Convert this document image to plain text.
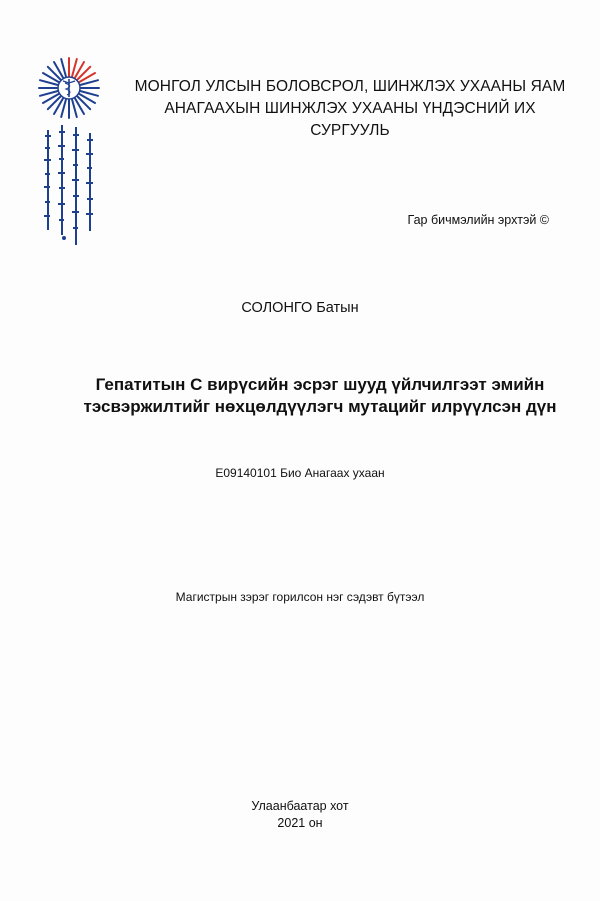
МОНГОЛ УЛСЫН БОЛОВСРОЛ, ШИНЖЛЭХ УХААНЫ ЯАМ
АНАГААХЫН ШИНЖЛЭХ УХААНЫ ҮНДЭСНИЙ ИХ СУРГУУЛЬ
Гар бичмэлийн эрхтэй ©
СОЛОНГО Батын
Гепатитын С вирүсийн эсрэг шууд үйлчилгээт эмийн
тэсвэржилтийг нөхцөлдүүлэгч мутацийг илрүүлсэн дүн
E09140101 Био Анагаах ухаан
Магистрын зэрэг горилсон нэг сэдэвт бүтээл
Улаанбаатар хот
2021 он
